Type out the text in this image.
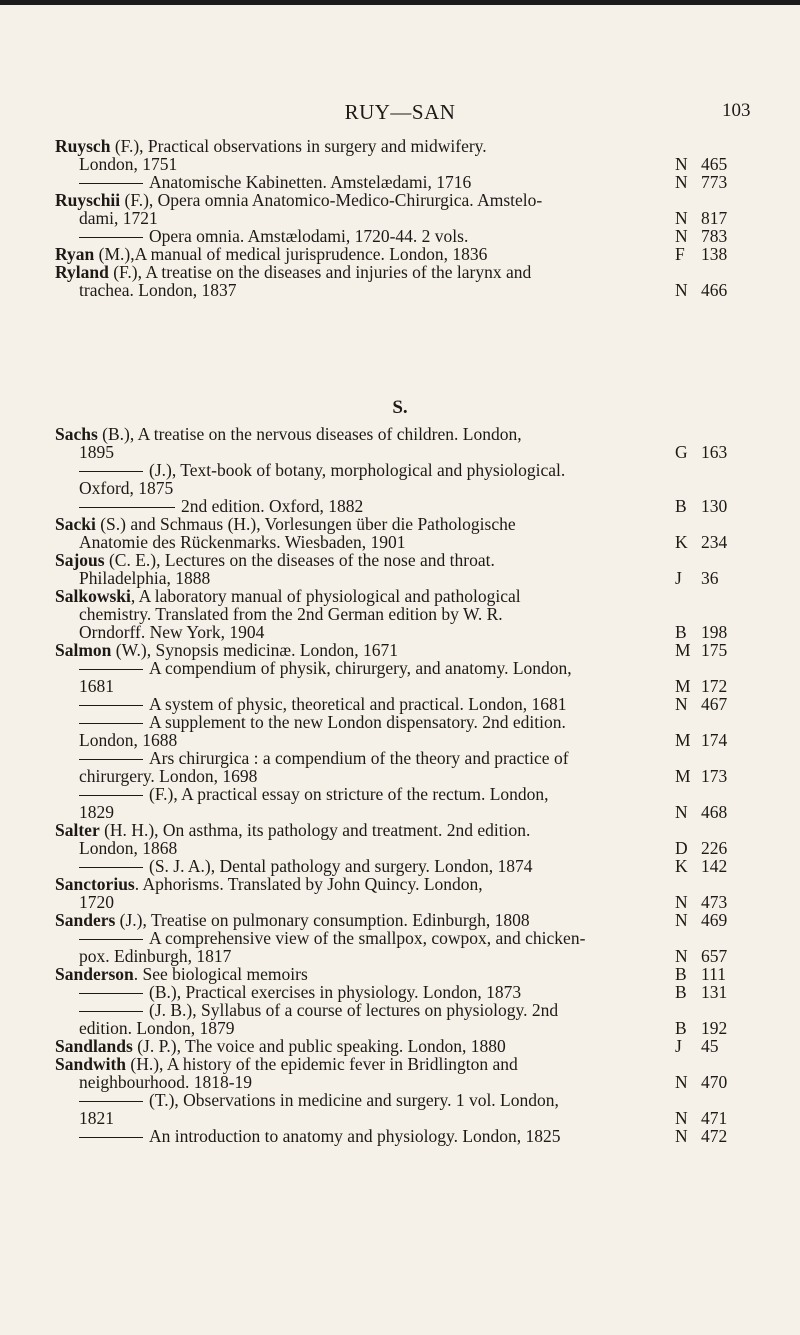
RUY—SAN	103
Ruysch (F.), Practical observations in surgery and midwifery.
London, 1751	N 465
Anatomische Kabinetten. Amstelædami, 1716	N 773
Ruyschii (F.), Opera omnia Anatomico-Medico-Chirurgica. Amstelo-
dami, 1721	N 817
Opera omnia. Amstælodami, 1720-44. 2 vols.	N 783
Ryan (M.),A manual of medical jurisprudence. London, 1836	F 138
Ryland (F.), A treatise on the diseases and injuries of the larynx and
trachea. London, 1837	N 466
S.
Sachs (B.), A treatise on the nervous diseases of children. London,
1895	G 163
(J.), Text-book of botany, morphological and physiological.
Oxford, 1875
2nd edition. Oxford, 1882	B 130
Sacki (S.) and Schmaus (H.), Vorlesungen über die Pathologische
Anatomie des Rückenmarks. Wiesbaden, 1901	K 234
Sajous (C. E.), Lectures on the diseases of the nose and throat.
Philadelphia, 1888	J 36
Salkowski, A laboratory manual of physiological and pathological
chemistry. Translated from the 2nd German edition by W. R.
Orndorff. New York, 1904	B 198
Salmon (W.), Synopsis medicinæ. London, 1671	M 175
A compendium of physik, chirurgery, and anatomy. London,
1681	M 172
A system of physic, theoretical and practical. London, 1681	N 467
A supplement to the new London dispensatory. 2nd edition.
London, 1688	M 174
Ars chirurgica : a compendium of the theory and practice of
chirurgery. London, 1698	M 173
(F.), A practical essay on stricture of the rectum. London,
1829	N 468
Salter (H. H.), On asthma, its pathology and treatment. 2nd edition.
London, 1868	D 226
(S. J. A.), Dental pathology and surgery. London, 1874	K 142
Sanctorius. Aphorisms. Translated by John Quincy. London,
1720	N 473
Sanders (J.), Treatise on pulmonary consumption. Edinburgh, 1808	N 469
A comprehensive view of the smallpox, cowpox, and chicken-
pox. Edinburgh, 1817	N 657
Sanderson. See biological memoirs	B 111
(B.), Practical exercises in physiology. London, 1873	B 131
(J. B.), Syllabus of a course of lectures on physiology. 2nd
edition. London, 1879	B 192
Sandlands (J. P.), The voice and public speaking. London, 1880	J 45
Sandwith (H.), A history of the epidemic fever in Bridlington and
neighbourhood. 1818-19	N 470
(T.), Observations in medicine and surgery. 1 vol. London,
1821	N 471
An introduction to anatomy and physiology. London, 1825	N 472
